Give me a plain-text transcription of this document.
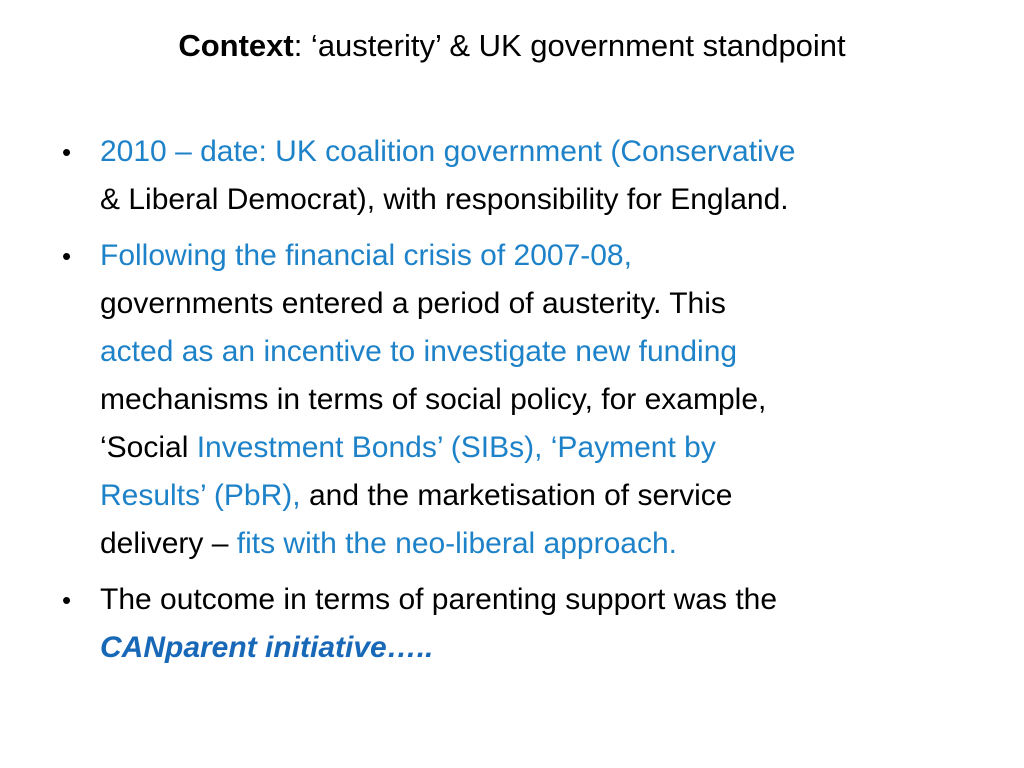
Context: ‘austerity’ & UK government standpoint
• 2010 – date: UK coalition government (Conservative
& Liberal Democrat), with responsibility for England.
• Following the financial crisis of 2007-08,
governments entered a period of austerity. This
acted as an incentive to investigate new funding
mechanisms in terms of social policy, for example,
‘Social Investment Bonds’ (SIBs), ‘Payment by
Results’ (PbR), and the marketisation of service
delivery – fits with the neo-liberal approach.
• The outcome in terms of parenting support was the
CANparent initiative…..
